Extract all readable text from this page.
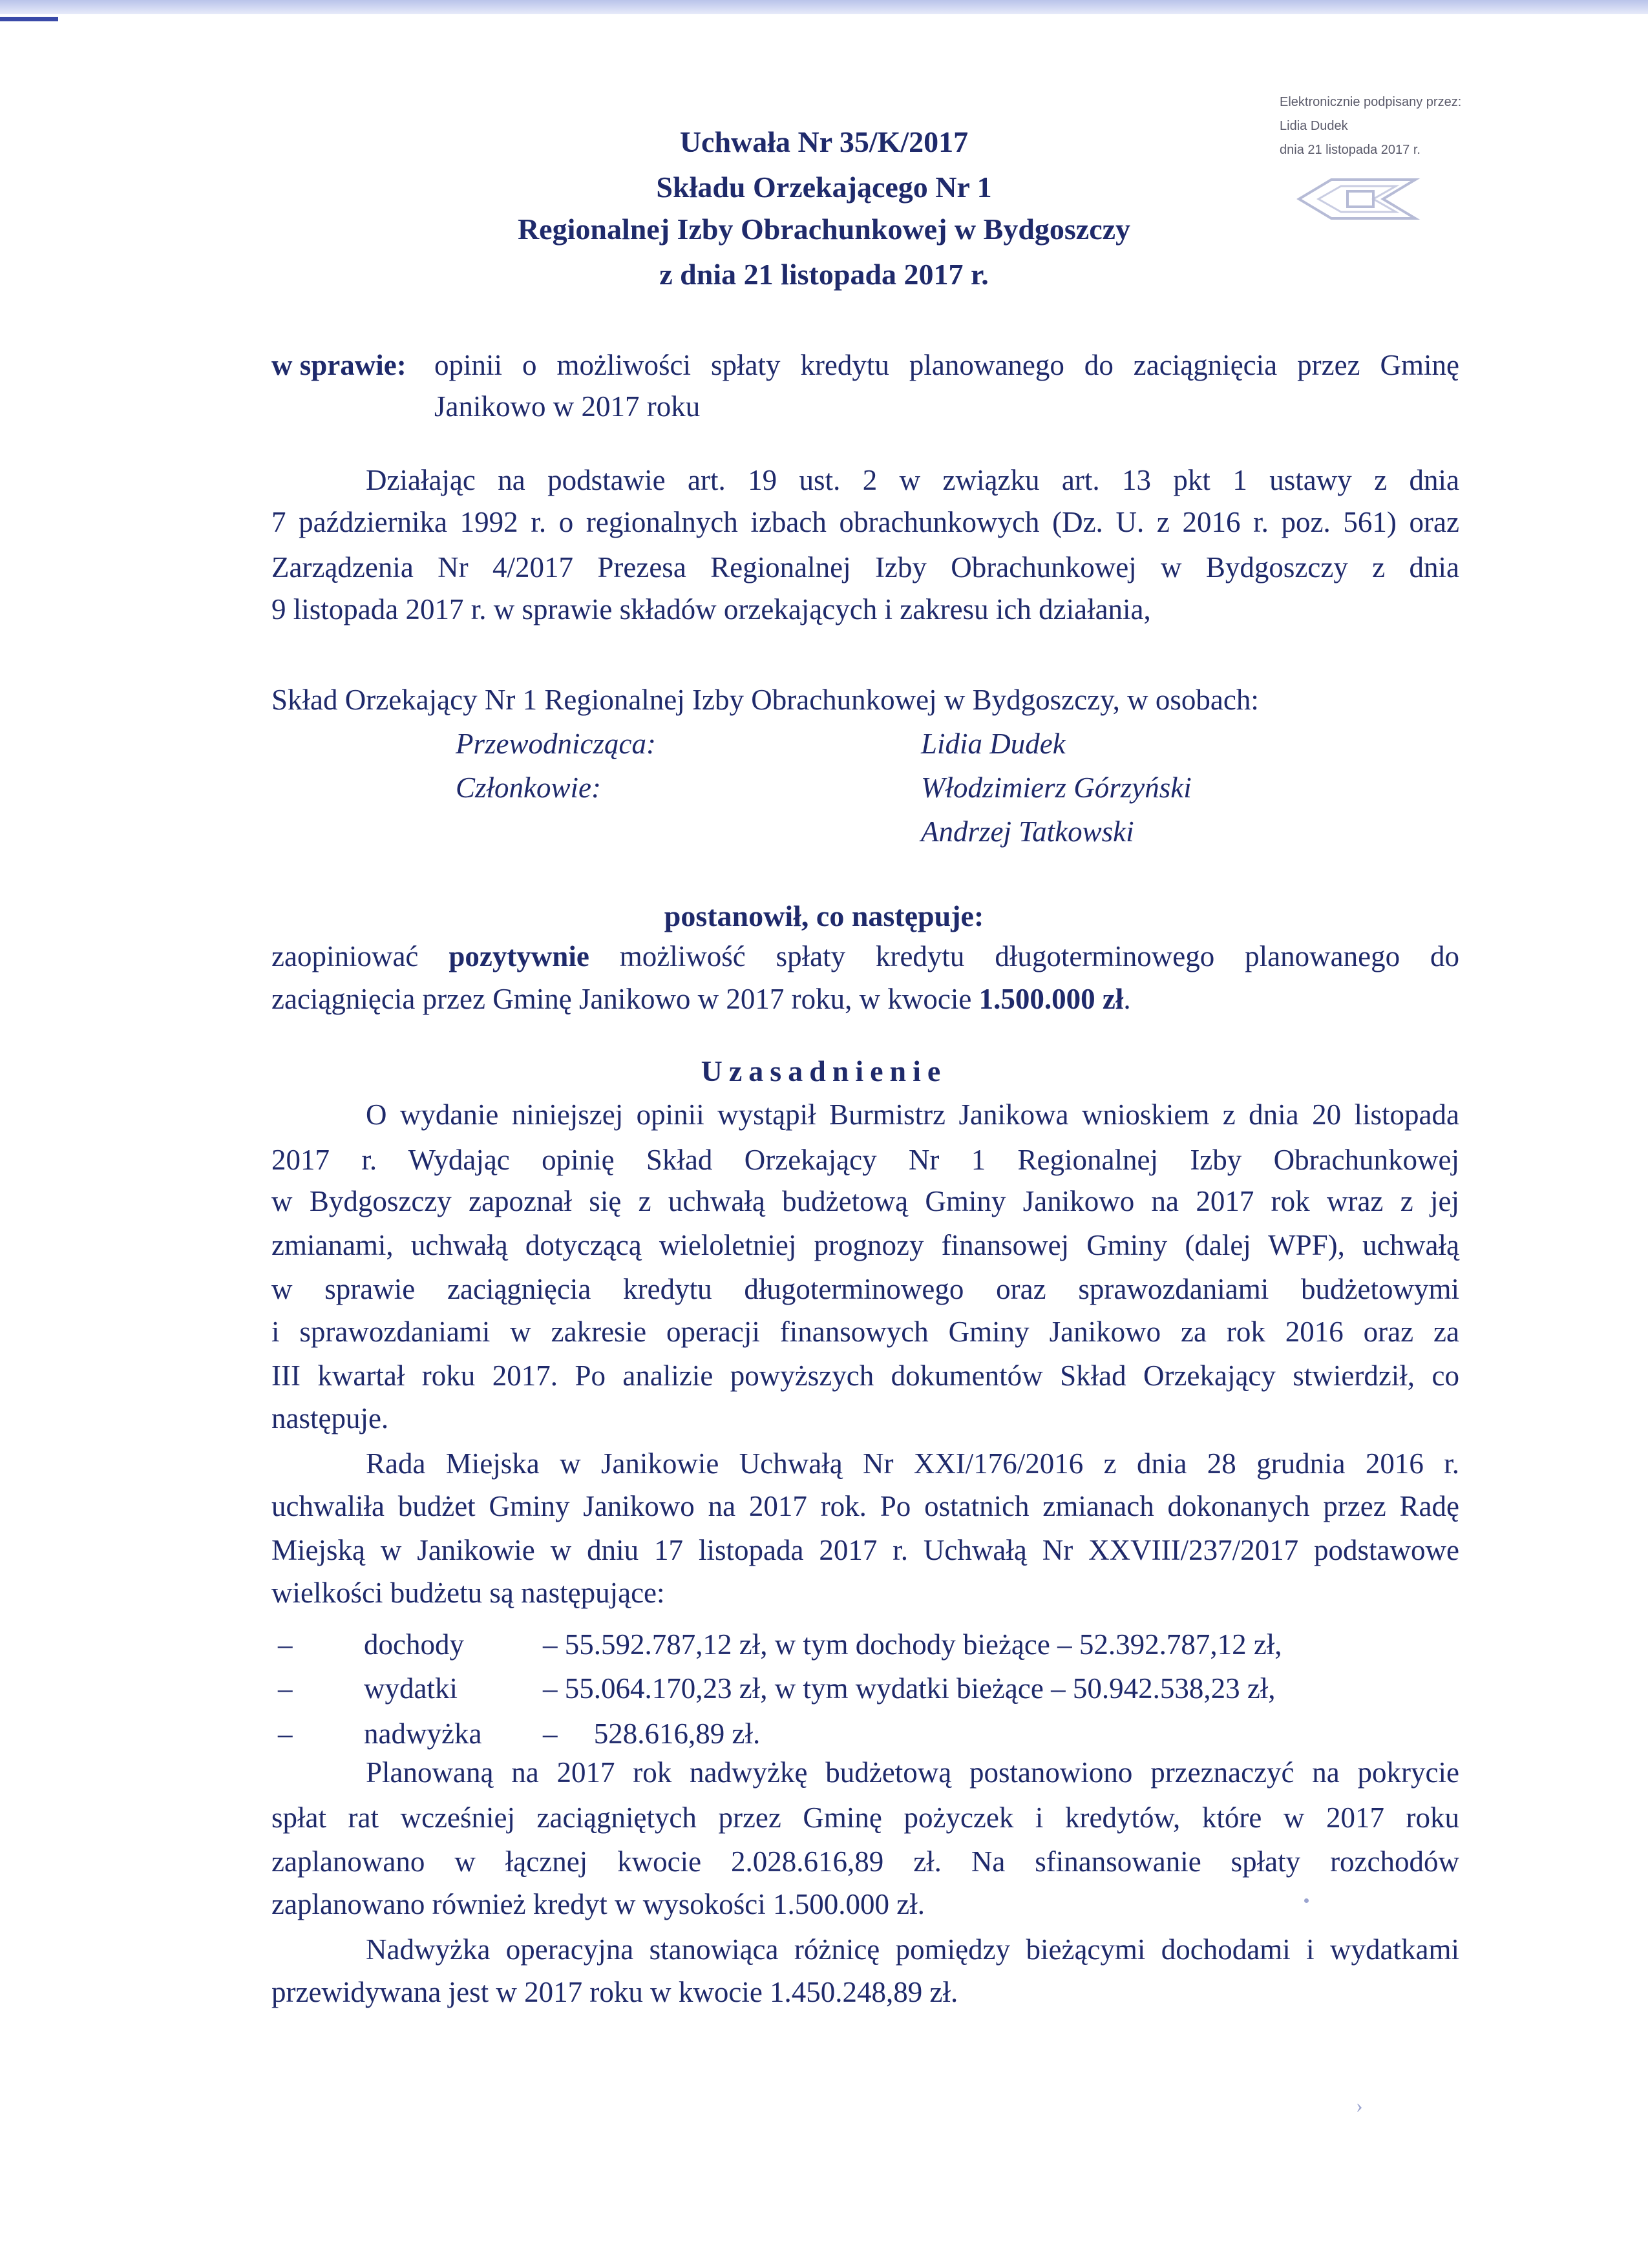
Elektronicznie podpisany przez:
Lidia Dudek
dnia 21 listopada 2017 r.
Uchwała Nr 35/K/2017
Składu Orzekającego Nr 1
Regionalnej Izby Obrachunkowej w Bydgoszczy
z dnia 21 listopada 2017 r.
w sprawie: opinii o możliwości spłaty kredytu planowanego do zaciągnięcia przez Gminę
Janikowo w 2017 roku
Działając na podstawie art. 19 ust. 2 w związku art. 13 pkt 1 ustawy z dnia
7 października 1992 r. o regionalnych izbach obrachunkowych (Dz. U. z 2016 r. poz. 561) oraz
Zarządzenia Nr 4/2017 Prezesa Regionalnej Izby Obrachunkowej w Bydgoszczy z dnia
9 listopada 2017 r. w sprawie składów orzekających i zakresu ich działania,
Skład Orzekający Nr 1 Regionalnej Izby Obrachunkowej w Bydgoszczy, w osobach:
Przewodnicząca:	Lidia Dudek
Członkowie:	Włodzimierz Górzyński
Andrzej Tatkowski
postanowił, co następuje:
zaopiniować pozytywnie możliwość spłaty kredytu długoterminowego planowanego do
zaciągnięcia przez Gminę Janikowo w 2017 roku, w kwocie 1.500.000 zł.
Uzasadnienie
O wydanie niniejszej opinii wystąpił Burmistrz Janikowa wnioskiem z dnia 20 listopada
2017 r. Wydając opinię Skład Orzekający Nr 1 Regionalnej Izby Obrachunkowej
w Bydgoszczy zapoznał się z uchwałą budżetową Gminy Janikowo na 2017 rok wraz z jej
zmianami, uchwałą dotyczącą wieloletniej prognozy finansowej Gminy (dalej WPF), uchwałą
w sprawie zaciągnięcia kredytu długoterminowego oraz sprawozdaniami budżetowymi
i sprawozdaniami w zakresie operacji finansowych Gminy Janikowo za rok 2016 oraz za
III kwartał roku 2017. Po analizie powyższych dokumentów Skład Orzekający stwierdził, co
następuje.
Rada Miejska w Janikowie Uchwałą Nr XXI/176/2016 z dnia 28 grudnia 2016 r.
uchwaliła budżet Gminy Janikowo na 2017 rok. Po ostatnich zmianach dokonanych przez Radę
Miejską w Janikowie w dniu 17 listopada 2017 r. Uchwałą Nr XXVIII/237/2017 podstawowe
wielkości budżetu są następujące:
– dochody	– 55.592.787,12 zł, w tym dochody bieżące – 52.392.787,12 zł,
– wydatki	– 55.064.170,23 zł, w tym wydatki bieżące – 50.942.538,23 zł,
– nadwyżka –     528.616,89 zł.
Planowaną na 2017 rok nadwyżkę budżetową postanowiono przeznaczyć na pokrycie
spłat rat wcześniej zaciągniętych przez Gminę pożyczek i kredytów, które w 2017 roku
zaplanowano w łącznej kwocie 2.028.616,89 zł. Na sfinansowanie spłaty rozchodów
zaplanowano również kredyt w wysokości 1.500.000 zł.
Nadwyżka operacyjna stanowiąca różnicę pomiędzy bieżącymi dochodami i wydatkami
przewidywana jest w 2017 roku w kwocie 1.450.248,89 zł.
›
